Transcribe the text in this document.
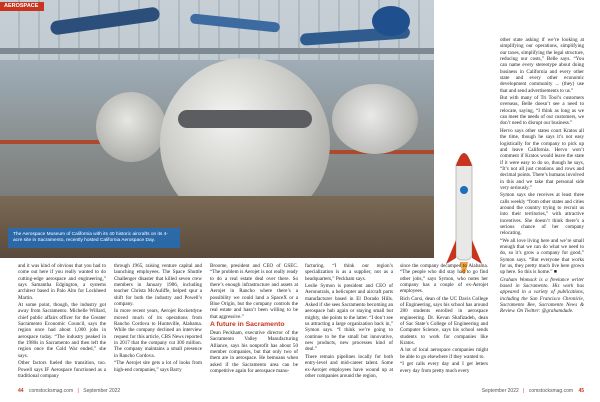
AEROSPACE
The Aerospace Museum of California with its 40 historic aircrafts on its 4-acre site in Sacramento, recently hosted California Aerospace Day.

other state asking if we’re looking at simplifying our operations, simplifying our taxes, simplifying the legal structure, reducing our costs,” Belle says. “You can name every stereotype about doing business in California and every other state and every other economic development community ... (they) use that and send advertisements to us.”

But with many of Tri Tool’s customers overseas, Belle doesn’t see a need to relocate, saying, “I think as long as we can meet the needs of our customers, we don’t need to disrupt our business.”

Hervo says other states court Kratos all the time, though he says it’s not easy logistically for the company to pick up and leave California. Hervo won’t comment if Kratos would leave the state if it were easy to do so, though he says, “It’s not all just creations and rows and decimal points. There’s humans involved in this and we take that personal side very seriously.”

Symon says she receives at least three calls weekly “from other states and cities around the country trying to recruit us into their territories,” with attractive incentives. She doesn’t think there’s a serious chance of her company relocating.

“We all love living here and we’re small enough that we can do what we need to do, so it’s grow a company for good,” Symon says. “But everyone that works for us, they pretty much live here grown up here. So this is home.” ■

Graham Womack is a freelance writer based in Sacramento. His work has appeared in a variety of publications, including the San Francisco Chronicle, Sacramento Bee, Sacramento News & Review. On Twitter: @grahamdude.

and it was kind of obvious that you had to come out here if you really wanted to do cutting-edge aerospace and engineering,” says Samantha Edgington, a systems architect based in Palo Alto for Lockheed Martin.

At some point, though, the industry got away from Sacramento. Michelle Willard, chief public affairs officer for the Greater Sacramento Economic Council, says the region once had about 1,000 jobs in aerospace today. “The industry peaked in the 1980s in Sacramento and then left the region once the Cold War ended,” she says.

Other factors fueled the transition, too. Powell says IF Aerospace functioned as a traditional company

through 1965, raising venture capital and launching employees. The Space Shuttle Challenger disaster that killed seven crew members in January 1986, including teacher Christa McAuliffe, helped spur a shift for both the industry and Powell’s company.

In more recent years, Aerojet Rocketdyne moved much of its operations from Rancho Cordova to Huntsville, Alabama. While the company declined an interview request for this article, CBS News reported in 2017 that the company cut 300 million. The company maintains a small presence in Rancho Cordova.

“The Aerojet site gets a lot of looks from high-end companies,” says Barry

Broome, president and CEO of GSEC. “The problem is Aerojet is not really ready to do a real estate deal over there. So there’s enough infrastructure and assets at Aerojet in Rancho where there’s a possibility we could land a SpaceX or a Blue Origin, but the company controls the real estate and hasn’t been willing to be that aggressive.”

A future in Sacramento

Dean Peckham, executive director of the Sacramento Valley Manufacturing Alliance, says his nonprofit has about 50 member companies, but that only two of them are in aerospace. He bemoans when asked if the Sacramento area can be competitive again for aerospace manu-

facturing. “I think our region’s specialization is as a supplier, not as a headquarters,” Peckham says.

Leslie Symon is president and CEO of Aeronutrals, a helicopter and aircraft parts manufacturer based in El Dorado Hills. Asked if she sees Sacramento becoming an aerospace hub again or staying small but mighty, she points to the latter. “I don’t see us attracting a large organization back in,” Symon says. “I think we’re going to continue to be the small but innovative, new products, new processes kind of deal.”

There remain pipelines locally for both entry-level and mid-career talent. Some ex-Aerojet employees have wound up at other companies around the region,

since the company decamped to Alabama. “The people who did stay had to go find other jobs,” says Symon, who notes her company has a couple of ex-Aerojet employees.

Rich Corsi, dean of the UC Davis College of Engineering, says his school has around 280 students enrolled in aerospace engineering. Dr. Kevan Shafizadeh, dean of Sac State’s College of Engineering and Computer Science, says his school sends students to work for companies like Kratos.

A lot of local aerospace companies might be able to go elsewhere if they wanted to.

“I get calls every day and I get letters every day from pretty much every

44 comstocksmag.com | September 2022	September 2022 | comstocksmag.com 45
